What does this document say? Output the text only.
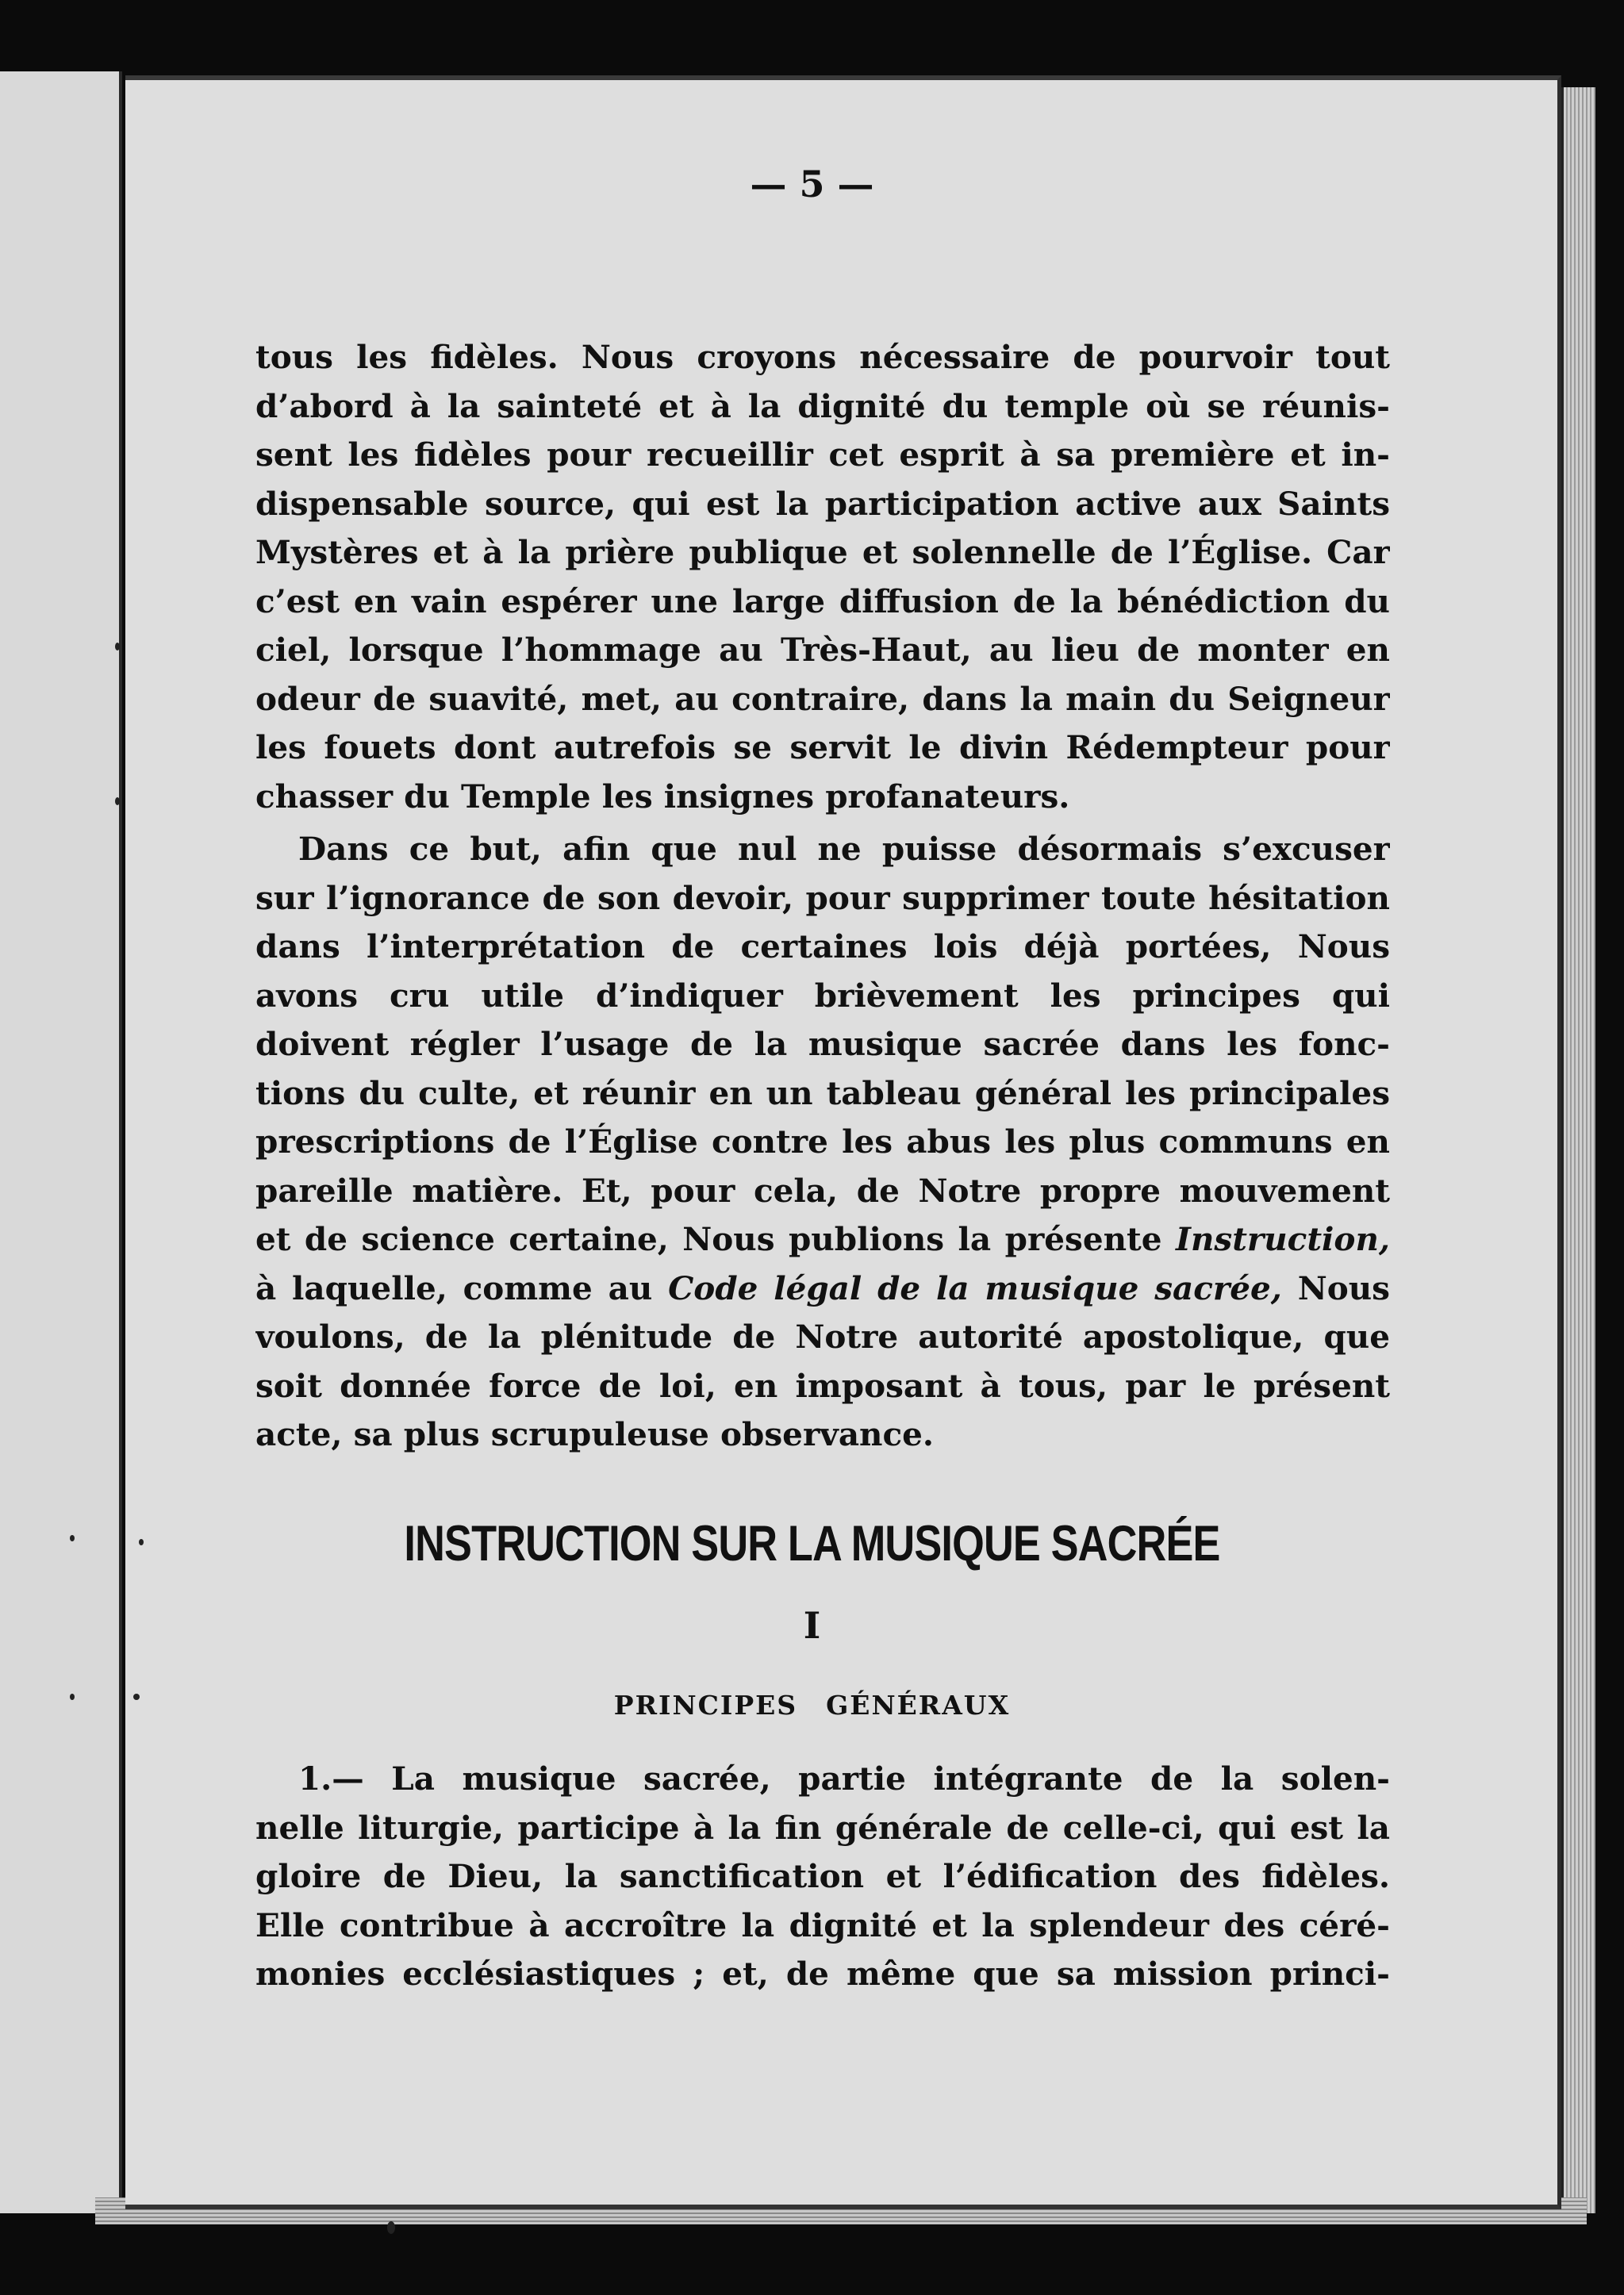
— 5 —
tous les fidèles. Nous croyons nécessaire de pourvoir tout
d’abord à la sainteté et à la dignité du temple où se réunis-
sent les fidèles pour recueillir cet esprit à sa première et in-
dispensable source, qui est la participation active aux Saints
Mystères et à la prière publique et solennelle de l’Église. Car
c’est en vain espérer une large diffusion de la bénédiction du
ciel, lorsque l’hommage au Très-Haut, au lieu de monter en
odeur de suavité, met, au contraire, dans la main du Seigneur
les fouets dont autrefois se servit le divin Rédempteur pour
chasser du Temple les insignes profanateurs.
Dans ce but, afin que nul ne puisse désormais s’excuser
sur l’ignorance de son devoir, pour supprimer toute hésitation
dans l’interprétation de certaines lois déjà portées, Nous
avons cru utile d’indiquer brièvement les principes qui
doivent régler l’usage de la musique sacrée dans les fonc-
tions du culte, et réunir en un tableau général les principales
prescriptions de l’Église contre les abus les plus communs en
pareille matière. Et, pour cela, de Notre propre mouvement
et de science certaine, Nous publions la présente Instruction,
à laquelle, comme au Code légal de la musique sacrée, Nous
voulons, de la plénitude de Notre autorité apostolique, que
soit donnée force de loi, en imposant à tous, par le présent
acte, sa plus scrupuleuse observance.
INSTRUCTION SUR LA MUSIQUE SACRÉE
I
PRINCIPES GÉNÉRAUX
1.— La musique sacrée, partie intégrante de la solen-
nelle liturgie, participe à la fin générale de celle-ci, qui est la
gloire de Dieu, la sanctification et l’édification des fidèles.
Elle contribue à accroître la dignité et la splendeur des céré-
monies ecclésiastiques ; et, de même que sa mission princi-
